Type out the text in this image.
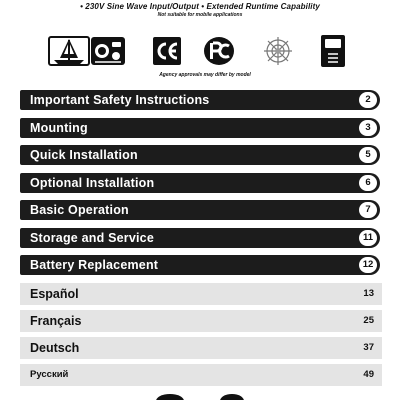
• 230V Sine Wave Input/Output • Extended Runtime Capability
Not suitable for mobile applications
Agency approvals may differ by model
Important Safety Instructions	2
Mounting	3
Quick Installation	5
Optional Installation	6
Basic Operation	7
Storage and Service	11
Battery Replacement	12
Español	13
Français	25
Deutsch	37
Русский	49
